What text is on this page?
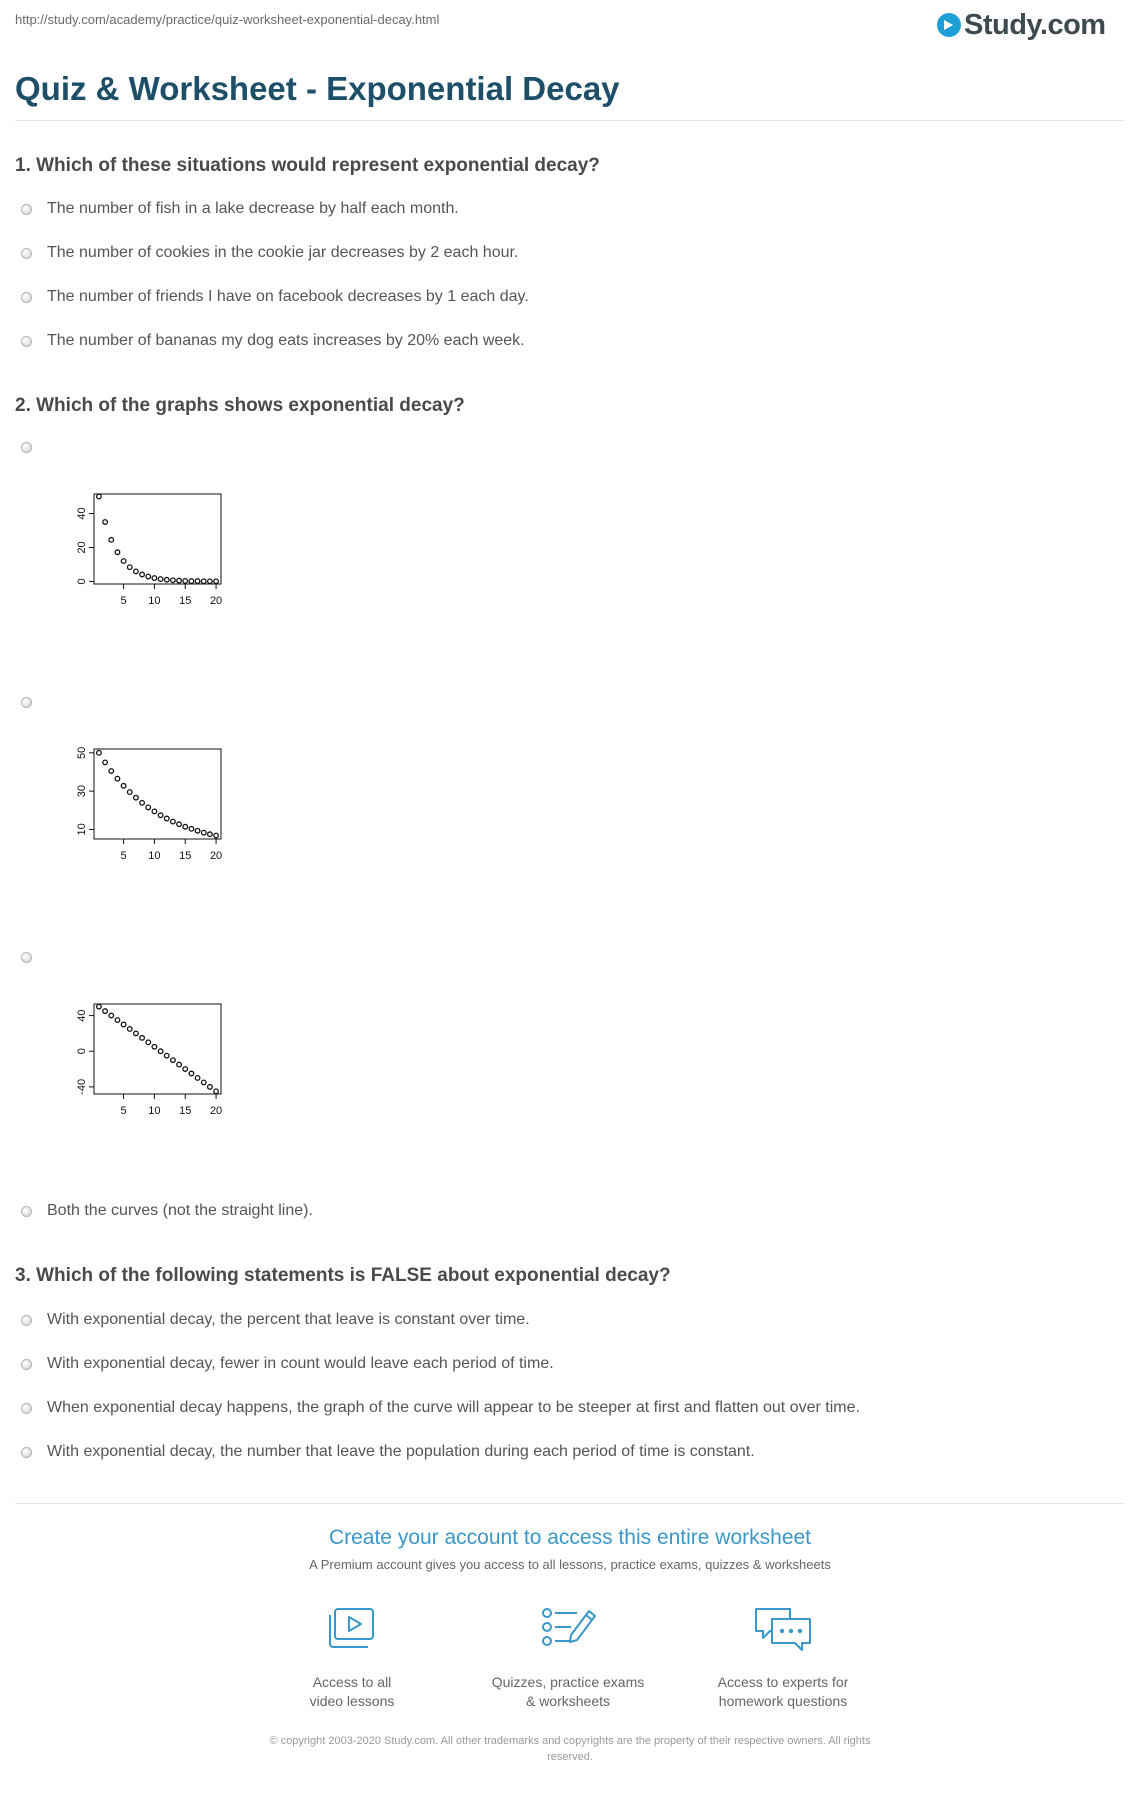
http://study.com/academy/practice/quiz-worksheet-exponential-decay.html	Study.com
Quiz & Worksheet - Exponential Decay
1. Which of these situations would represent exponential decay?
The number of fish in a lake decrease by half each month.
The number of cookies in the cookie jar decreases by 2 each hour.
The number of friends I have on facebook decreases by 1 each day.
The number of bananas my dog eats increases by 20% each week.
2. Which of the graphs shows exponential decay?
5 10 15 20
0
20
40
5 10 15 20
10
30
50
5 10 15 20
-40
0
40
Both the curves (not the straight line).
3. Which of the following statements is FALSE about exponential decay?
With exponential decay, the percent that leave is constant over time.
With exponential decay, fewer in count would leave each period of time.
When exponential decay happens, the graph of the curve will appear to be steeper at first and flatten out over time.
With exponential decay, the number that leave the population during each period of time is constant.
Create your account to access this entire worksheet
A Premium account gives you access to all lessons, practice exams, quizzes & worksheets
Access to all
video lessons
Quizzes, practice exams
& worksheets
Access to experts for
homework questions
© copyright 2003-2020 Study.com. All other trademarks and copyrights are the property of their respective owners. All rights
reserved.
